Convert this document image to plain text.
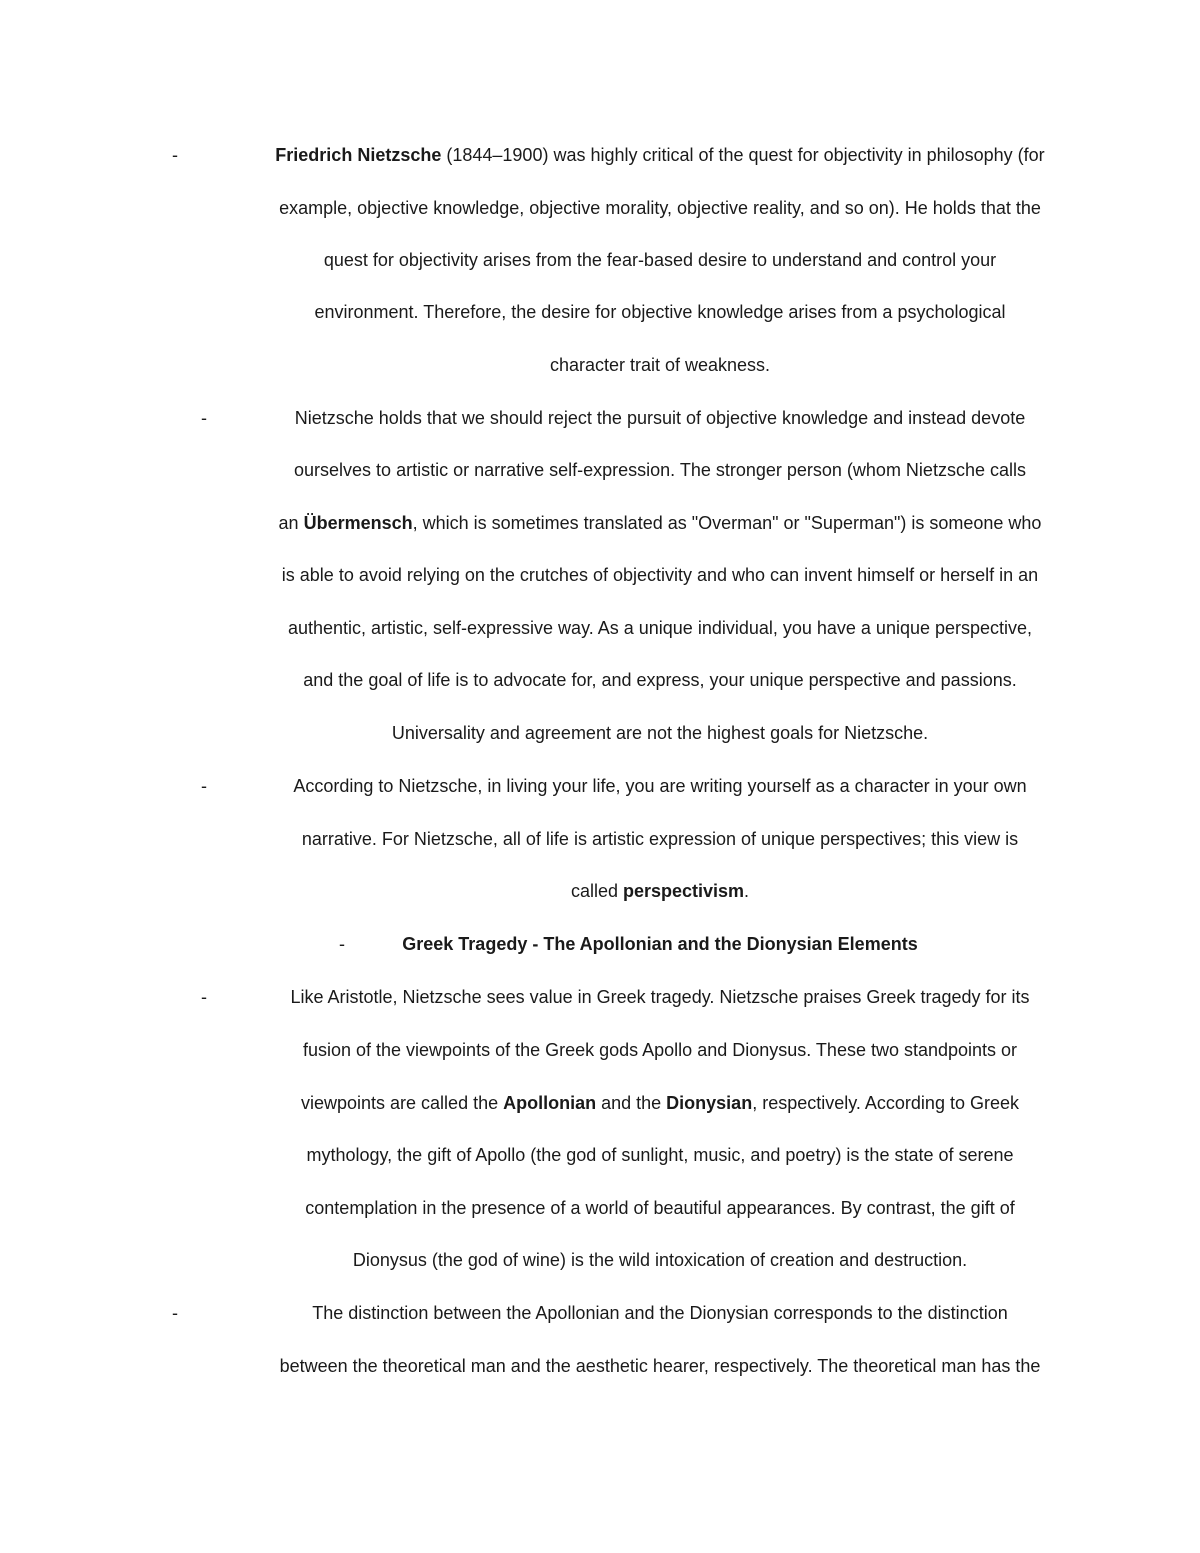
-	Friedrich Nietzsche (1844–1900) was highly critical of the quest for objectivity in philosophy (for
example, objective knowledge, objective morality, objective reality, and so on). He holds that the
quest for objectivity arises from the fear-based desire to understand and control your
environment. Therefore, the desire for objective knowledge arises from a psychological
character trait of weakness.
-	Nietzsche holds that we should reject the pursuit of objective knowledge and instead devote
ourselves to artistic or narrative self-expression. The stronger person (whom Nietzsche calls
an Übermensch, which is sometimes translated as "Overman" or "Superman") is someone who
is able to avoid relying on the crutches of objectivity and who can invent himself or herself in an
authentic, artistic, self-expressive way. As a unique individual, you have a unique perspective,
and the goal of life is to advocate for, and express, your unique perspective and passions.
Universality and agreement are not the highest goals for Nietzsche.
-	According to Nietzsche, in living your life, you are writing yourself as a character in your own
narrative. For Nietzsche, all of life is artistic expression of unique perspectives; this view is
called perspectivism.
-	Greek Tragedy - The Apollonian and the Dionysian Elements
-	Like Aristotle, Nietzsche sees value in Greek tragedy. Nietzsche praises Greek tragedy for its
fusion of the viewpoints of the Greek gods Apollo and Dionysus. These two standpoints or
viewpoints are called the Apollonian and the Dionysian, respectively. According to Greek
mythology, the gift of Apollo (the god of sunlight, music, and poetry) is the state of serene
contemplation in the presence of a world of beautiful appearances. By contrast, the gift of
Dionysus (the god of wine) is the wild intoxication of creation and destruction.
-	The distinction between the Apollonian and the Dionysian corresponds to the distinction
between the theoretical man and the aesthetic hearer, respectively. The theoretical man has the
